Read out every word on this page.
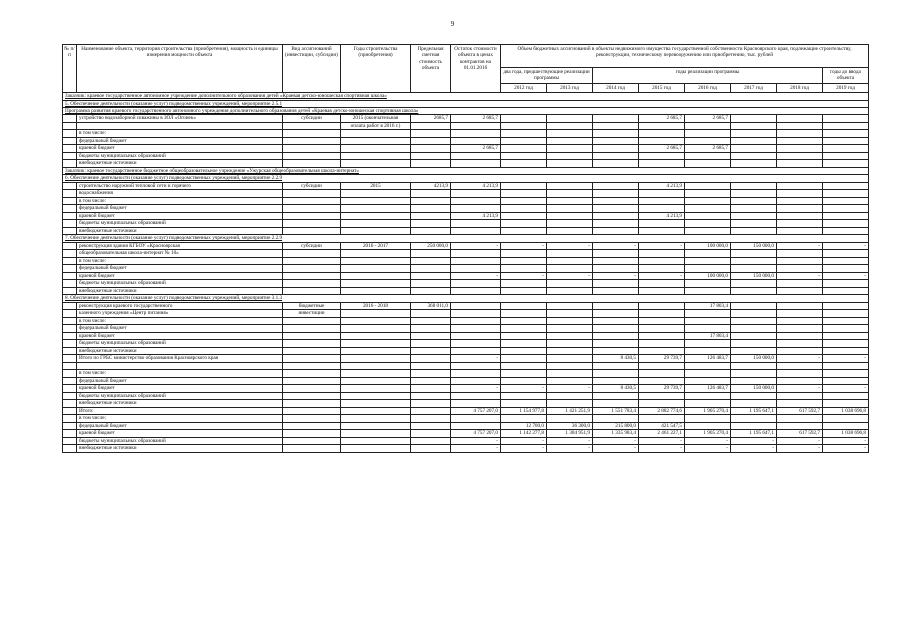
9
№ п/п	Наименование объекта, территория строительства (приобретения), мощность и единицы измерения мощности объекта	Вид ассигнований (инвестиции, субсидии)	Годы строительства (приобретения)	Предельная сметная стоимость объекта	Остаток стоимости объекта в ценах контрактов на 01.01.2016	Объем бюджетных ассигнований в объекты недвижимого имущества государственной собственности Красноярского края, подлежащие строительству, реконструкции, техническому перевооружению или приобретению, тыс. рублей							
						два года, предшествующие реализации программы		годы реализации программы					годы до ввода объекта
						2012 год	2013 год	2014 год	2015 год	2016 год	2017 год	2018 год	2019 год
Заказчик: краевое государственное автономное учреждение дополнительного образования детей «Краевая детско-юношеская спортивная школа»													
5. Обеспечение деятельности (оказание услуг) подведомственных учреждений, мероприятие 2.5.1													
Программа развития краевого государственного автономного учреждения дополнительного образования детей «Краевая детско-юношеская спортивная школа»													
	устройство водозаборной скважины в ЗОЛ «Огонек»	субсидии	2015 (окончательная	2685,7	2 685,7				2 685,7	2 685,7			
			оплата работ в 2016 г.)										
	в том числе:												
	федеральный бюджет												
	краевой бюджет				2 685,7				2 685,7	2 685,7			
	бюджеты муниципальных образований												
	внебюджетные источники												
Заказчик: краевое государственное бюджетное общеобразовательное учреждение «Ужурская общеобразовательная школа-интернат»													
6. Обеспечение деятельности (оказание услуг) подведомственных учреждений, мероприятие 2.2.9													
	строительство наружной тепловой сети и горячего	субсидии	2015	4213,9	4 213,9				4 213,9				
	водоснабжения												
	в том числе:												
	федеральный бюджет												
	краевой бюджет				4 213,9				4 213,9				
	бюджеты муниципальных образований												
	внебюджетные источники												
7. Обеспечение деятельности (оказание услуг) подведомственных учреждений, мероприятие 2.2.9													
	реконструкция здания КГБОУ «Красноярская	субсидии	2016 - 2017	250 000,0	-	-	-	-	-	100 000,0	150 000,0	-	-
	общеобразовательная школа-интернат № 10»												
	в том числе:												
	федеральный бюджет												
	краевой бюджет				-	-	-	-	-	100 000,0	150 000,0	-	-
	бюджеты муниципальных образований												
	внебюджетные источники												
8. Обеспечение деятельности (оказание услуг) подведомственных учреждений, мероприятие 3.1.3													
	реконструкция краевого государственного	бюджетные	2016 - 2018	368 011,0						17 803,4			
	казенного учреждения «Центр питания»	инвестиции											
	в том числе:												
	федеральный бюджет												
	краевой бюджет									17 803,4			
	бюджеты муниципальных образований												
	внебюджетные источники												
	Итого по ГРБС министерство образования Красноярского края				-			8 430,5	29 739,7	126 483,7	150 000,0	-	-

	в том числе:												
	федеральный бюджет												
	краевой бюджет				-	-	-	8 430,5	29 739,7	126 483,7	150 000,0	-	-
	бюджеты муниципальных образований												
	внебюджетные источники												
	Итого:				4 757 207,0	1 154 977,8	1 421 251,9	1 551 783,4	2 882 774,6	1 905 270,4	1 195 647,1	617 592,7	1 038 696,8
	в том числе:												
	федеральный бюджет					12 700,0	36 300,0	215 800,0	421 547,5				
	краевой бюджет				4 757 207,0	1 142 277,8	1 384 951,9	1 335 983,4	2 461 227,1	1 905 270,4	1 195 647,1	617 592,7	1 038 696,8
	бюджеты муниципальных образований				-	-	-	-	-	-	-	-	-
	внебюджетные источники				-	-	-	-	-	-	-	-	-
